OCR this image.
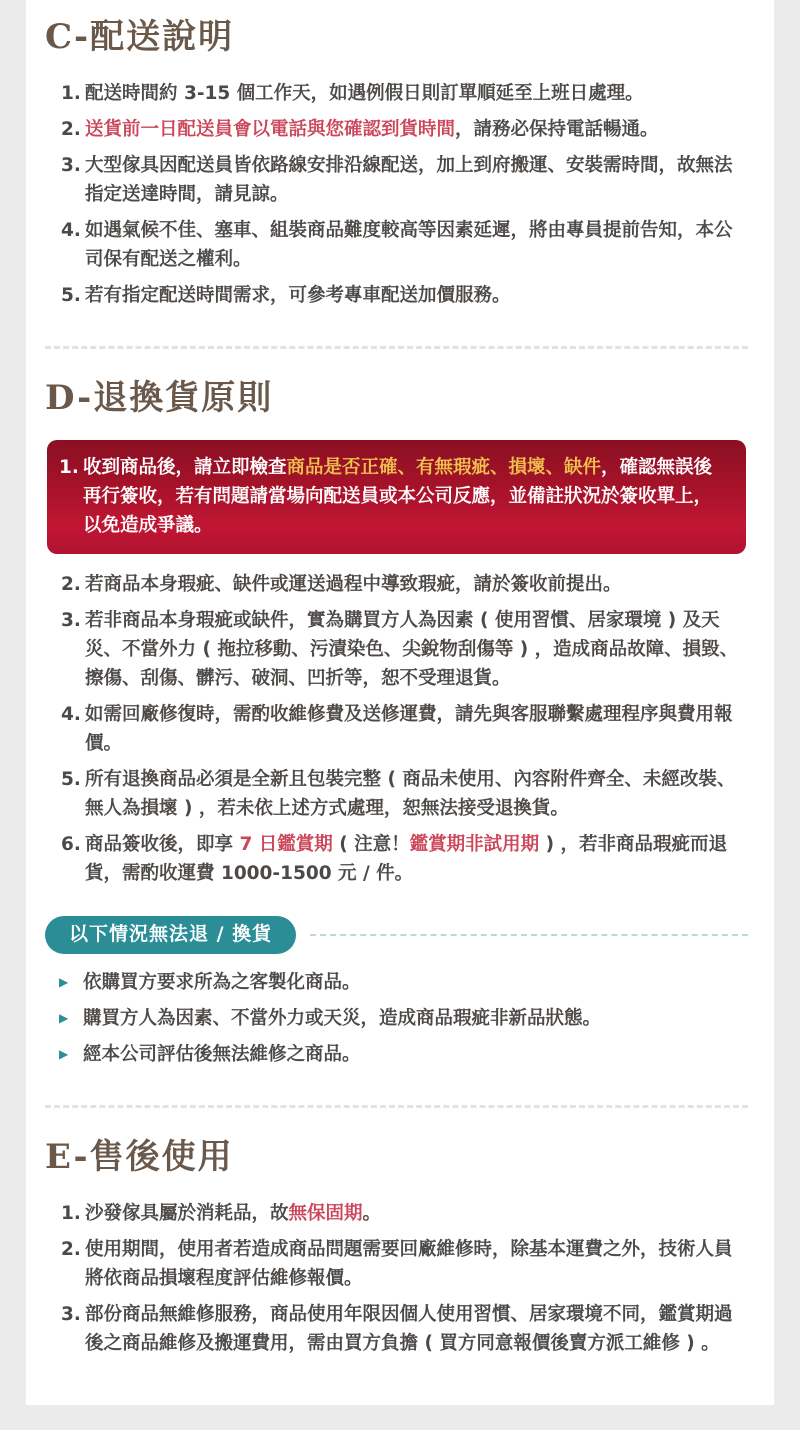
C-配送說明
1. 配送時間約 3-15 個工作天，如遇例假日則訂單順延至上班日處理。
2. 送貨前一日配送員會以電話與您確認到貨時間，請務必保持電話暢通。
3. 大型傢具因配送員皆依路線安排沿線配送，加上到府搬運、安裝需時間，故無法指定送達時間，請見諒。
4. 如遇氣候不佳、塞車、組裝商品難度較高等因素延遲，將由專員提前告知，本公司保有配送之權利。
5. 若有指定配送時間需求，可參考專車配送加價服務。
D-退換貨原則
1. 收到商品後，請立即檢查商品是否正確、有無瑕疵、損壞、缺件，確認無誤後再行簽收，若有問題請當場向配送員或本公司反應，並備註狀況於簽收單上，以免造成爭議。
2. 若商品本身瑕疵、缺件或運送過程中導致瑕疵，請於簽收前提出。
3. 若非商品本身瑕疵或缺件，實為購買方人為因素 ( 使用習慣、居家環境 ) 及天災、不當外力 ( 拖拉移動、污漬染色、尖銳物刮傷等 ) ，造成商品故障、損毀、擦傷、刮傷、髒污、破洞、凹折等，恕不受理退貨。
4. 如需回廠修復時，需酌收維修費及送修運費，請先與客服聯繫處理程序與費用報價。
5. 所有退換商品必須是全新且包裝完整 ( 商品未使用、內容附件齊全、未經改裝、無人為損壞 ) ，若未依上述方式處理，恕無法接受退換貨。
6. 商品簽收後，即享 7 日鑑賞期 ( 注意！鑑賞期非試用期 ) ，若非商品瑕疵而退貨，需酌收運費 1000-1500 元 / 件。
以下情況無法退 / 換貨
▶ 依購買方要求所為之客製化商品。
▶ 購買方人為因素、不當外力或天災，造成商品瑕疵非新品狀態。
▶ 經本公司評估後無法維修之商品。
E-售後使用
1. 沙發傢具屬於消耗品，故無保固期。
2. 使用期間，使用者若造成商品問題需要回廠維修時，除基本運費之外，技術人員將依商品損壞程度評估維修報價。
3. 部份商品無維修服務，商品使用年限因個人使用習慣、居家環境不同，鑑賞期過後之商品維修及搬運費用，需由買方負擔 ( 買方同意報價後賣方派工維修 ) 。
